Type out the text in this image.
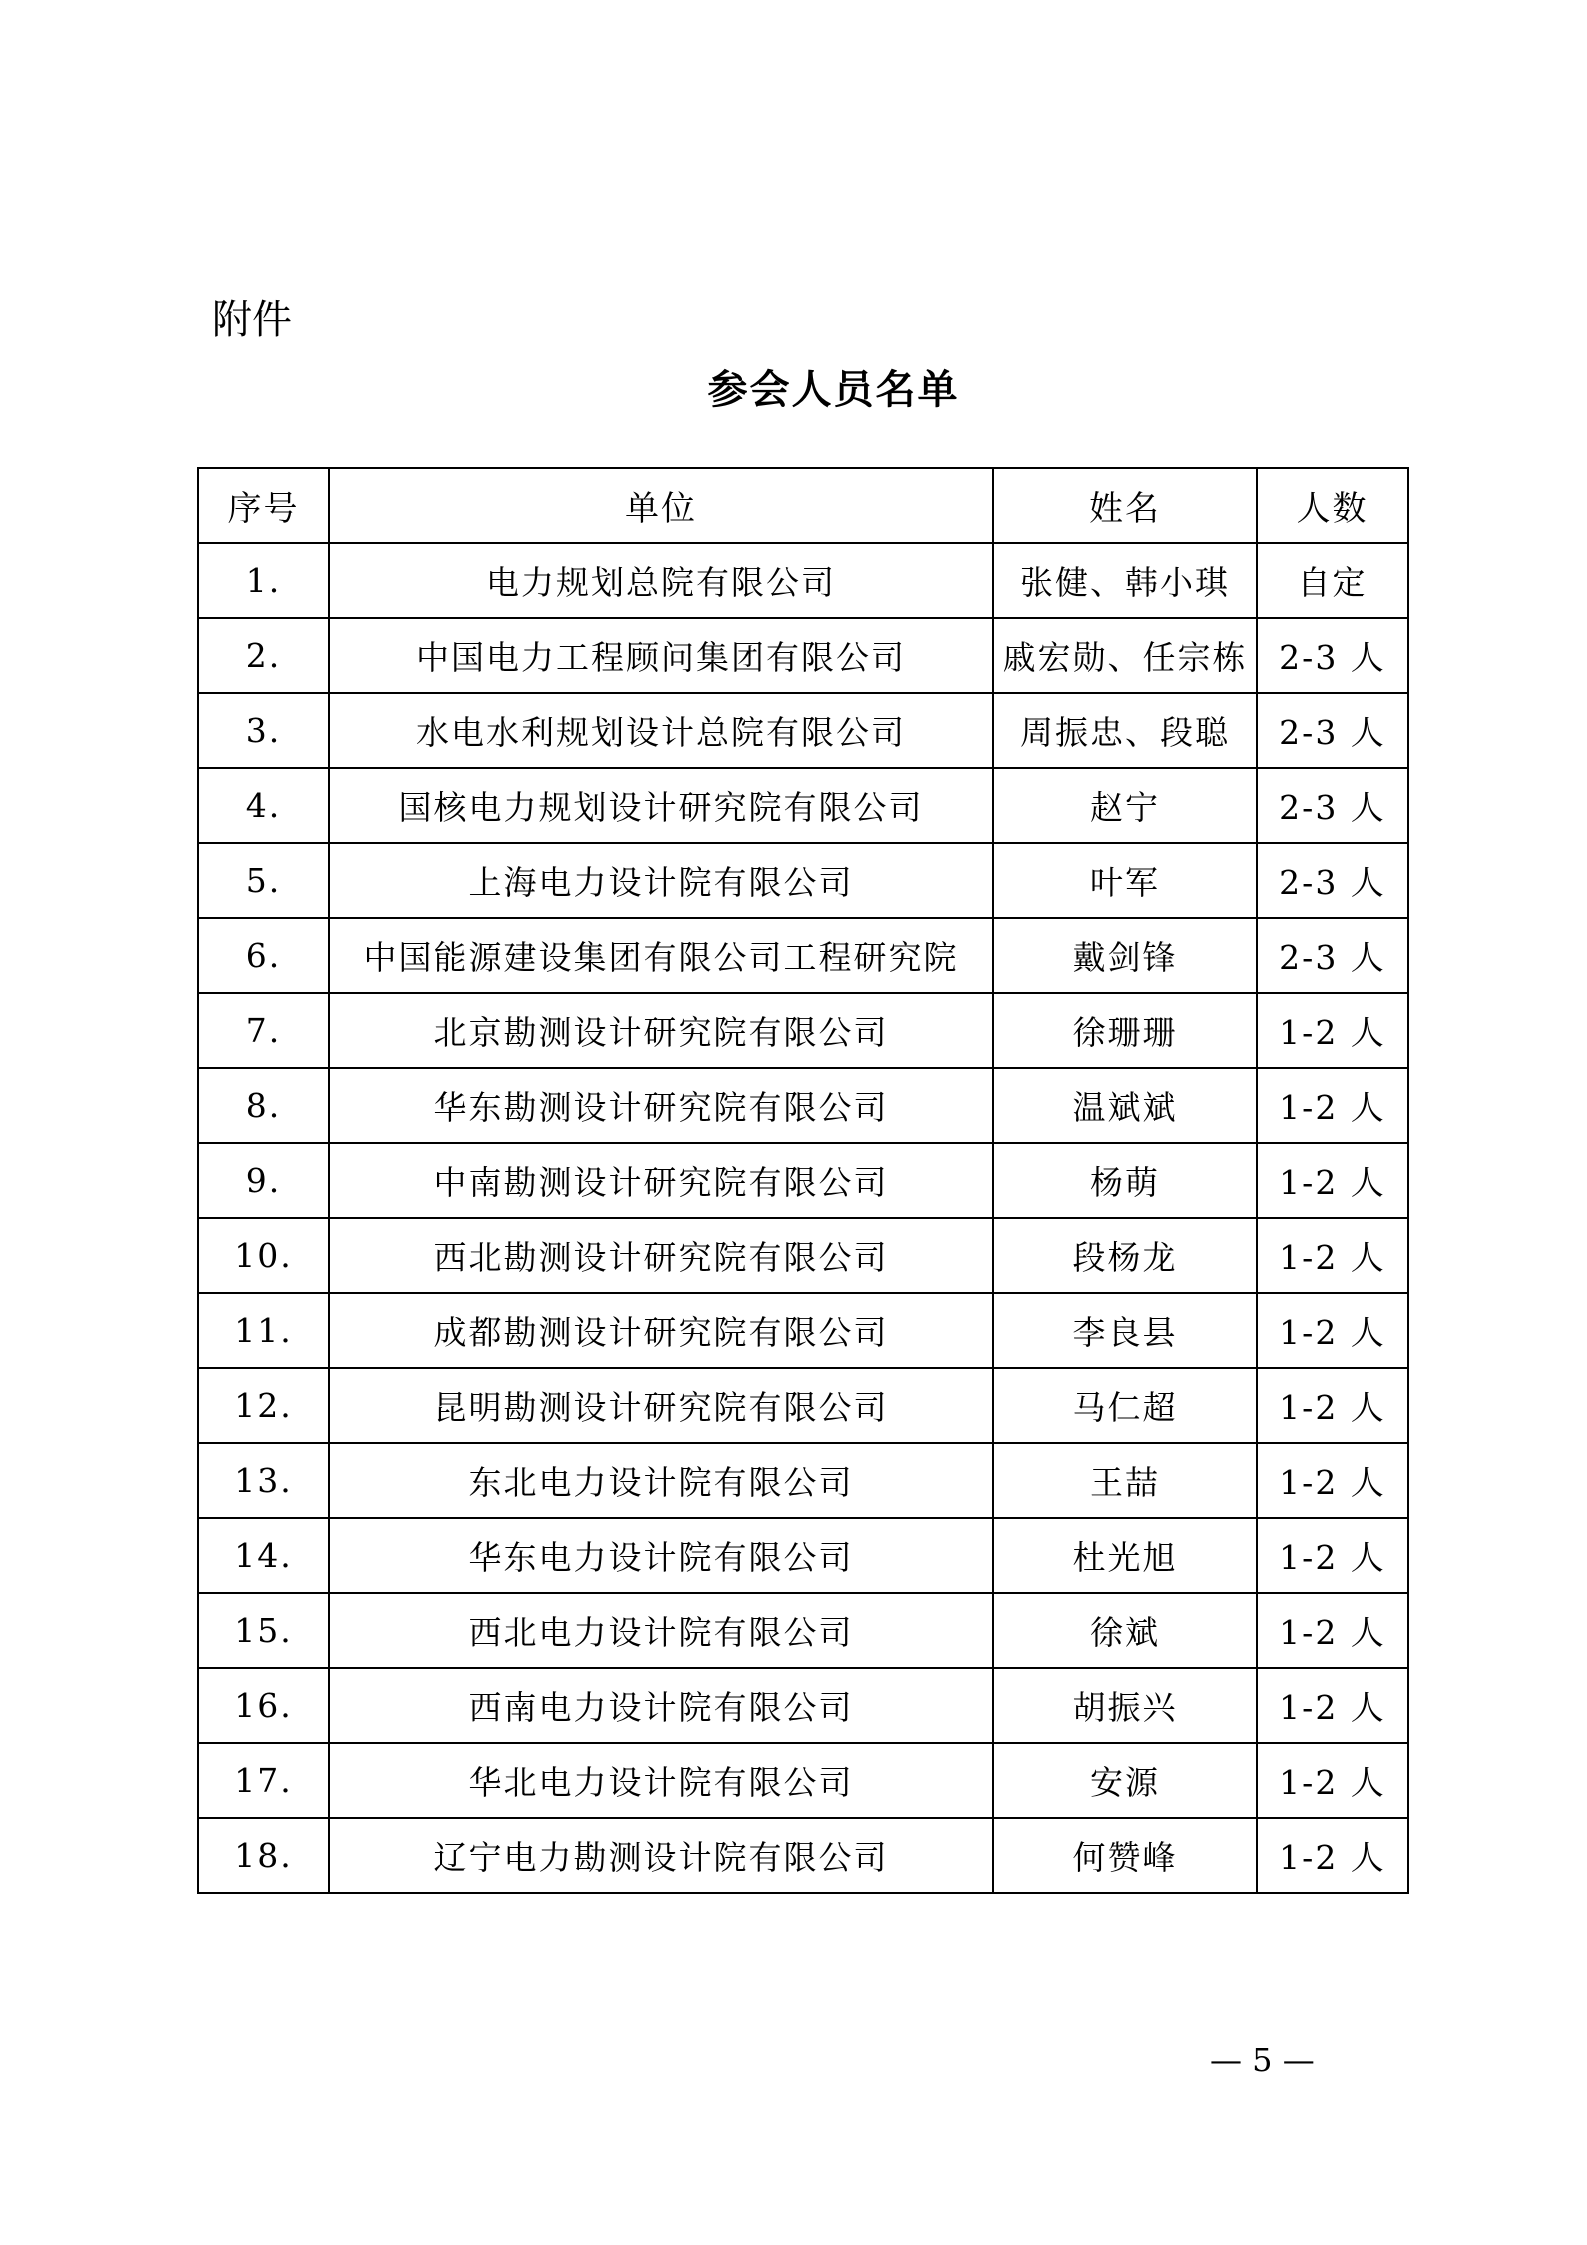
附件
参会人员名单
序号	单位	姓名	人数
1.	电力规划总院有限公司	张健、韩小琪	自定
2.	中国电力工程顾问集团有限公司	戚宏勋、任宗栋	2-3 人
3.	水电水利规划设计总院有限公司	周振忠、段聪	2-3 人
4.	国核电力规划设计研究院有限公司	赵宁	2-3 人
5.	上海电力设计院有限公司	叶军	2-3 人
6.	中国能源建设集团有限公司工程研究院	戴剑锋	2-3 人
7.	北京勘测设计研究院有限公司	徐珊珊	1-2 人
8.	华东勘测设计研究院有限公司	温斌斌	1-2 人
9.	中南勘测设计研究院有限公司	杨萌	1-2 人
10.	西北勘测设计研究院有限公司	段杨龙	1-2 人
11.	成都勘测设计研究院有限公司	李良县	1-2 人
12.	昆明勘测设计研究院有限公司	马仁超	1-2 人
13.	东北电力设计院有限公司	王喆	1-2 人
14.	华东电力设计院有限公司	杜光旭	1-2 人
15.	西北电力设计院有限公司	徐斌	1-2 人
16.	西南电力设计院有限公司	胡振兴	1-2 人
17.	华北电力设计院有限公司	安源	1-2 人
18.	辽宁电力勘测设计院有限公司	何赞峰	1-2 人

— 5 —
